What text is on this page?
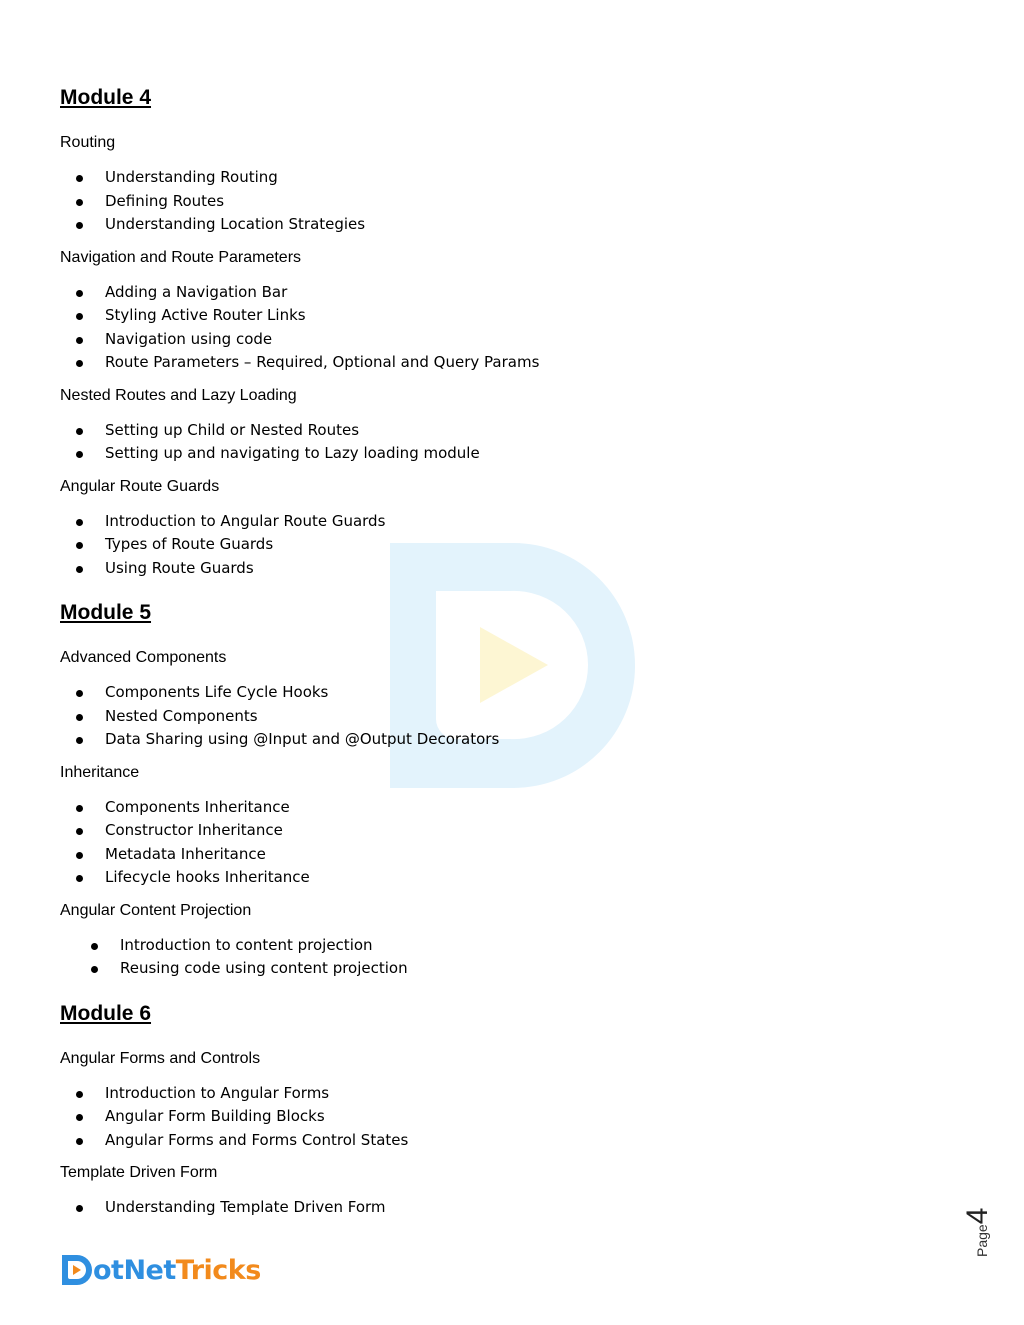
Module 4
Routing
Understanding Routing
Defining Routes
Understanding Location Strategies
Navigation and Route Parameters
Adding a Navigation Bar
Styling Active Router Links
Navigation using code
Route Parameters – Required, Optional and Query Params
Nested Routes and Lazy Loading
Setting up Child or Nested Routes
Setting up and navigating to Lazy loading module
Angular Route Guards
Introduction to Angular Route Guards
Types of Route Guards
Using Route Guards
Module 5
Advanced Components
Components Life Cycle Hooks
Nested Components
Data Sharing using @Input and @Output Decorators
Inheritance
Components Inheritance
Constructor Inheritance
Metadata Inheritance
Lifecycle hooks Inheritance
Angular Content Projection
Introduction to content projection
Reusing code using content projection
Module 6
Angular Forms and Controls
Introduction to Angular Forms
Angular Form Building Blocks
Angular Forms and Forms Control States
Template Driven Form
Understanding Template Driven Form
Page4
otNetTricks
